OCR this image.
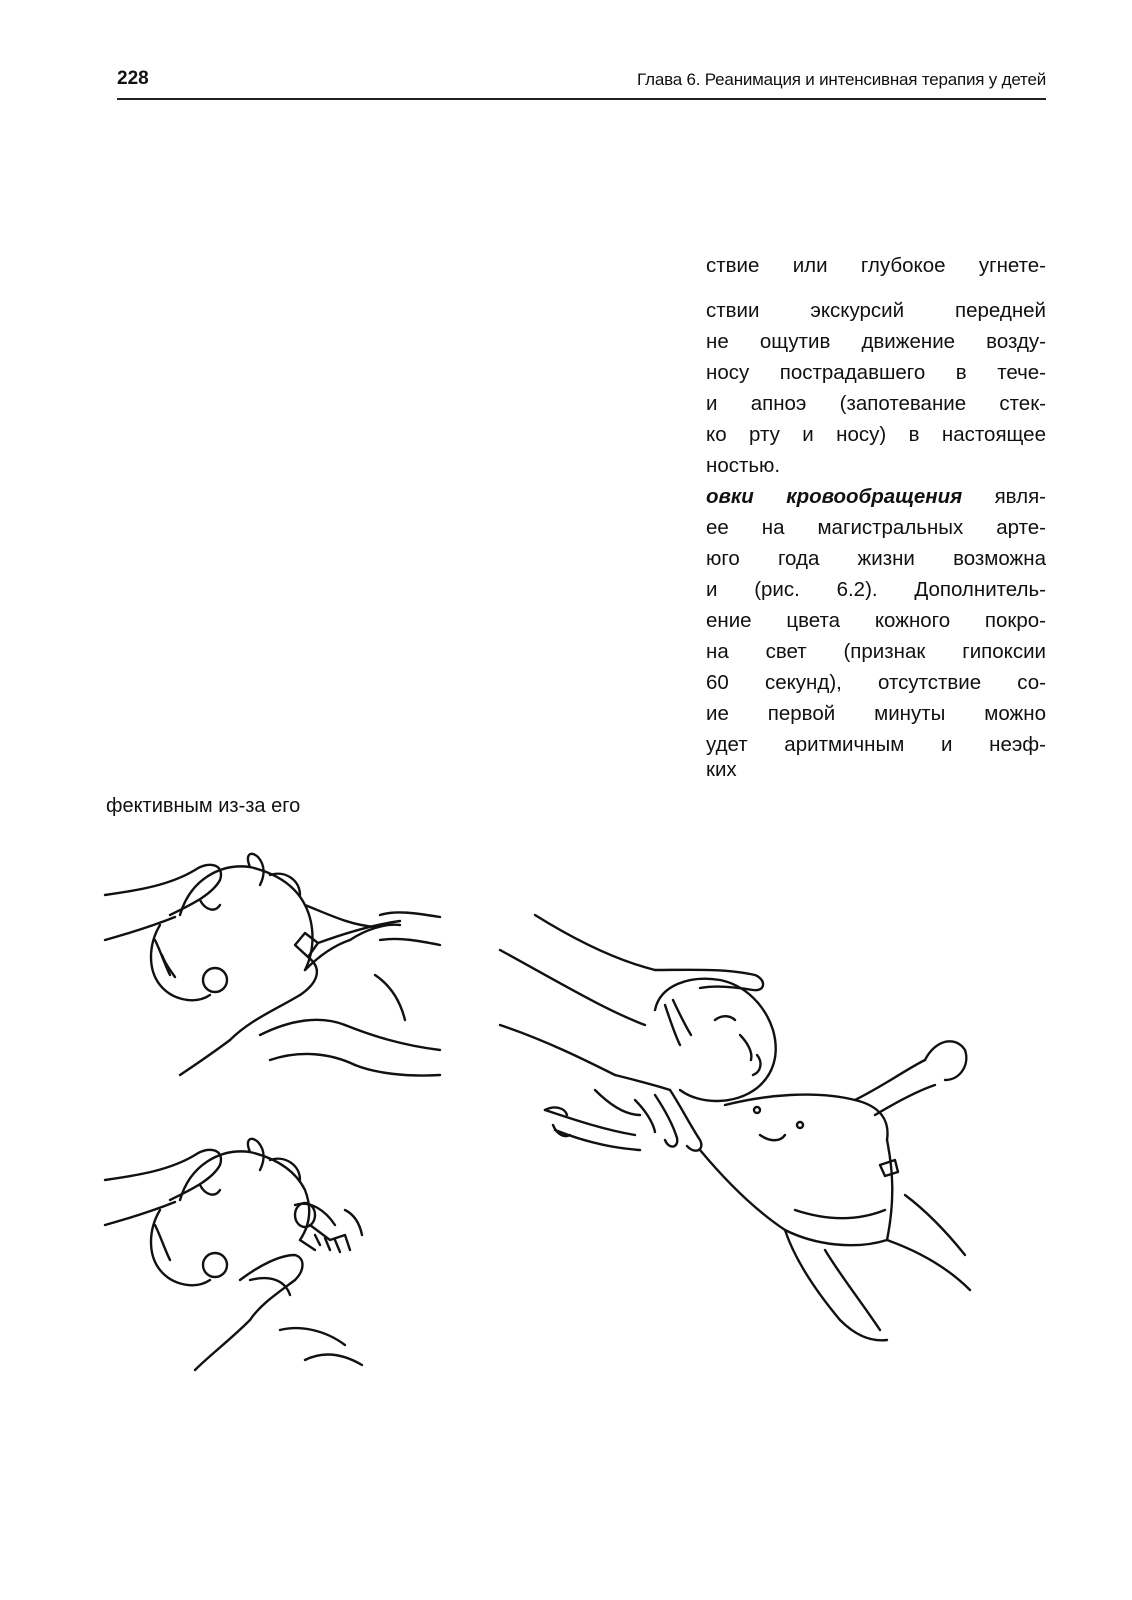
228	Глава 6. Реанимация и интенсивная терапия у детей
ствие или глубокое угнете-
ствии экскурсий передней
не ощутив движение возду-
носу пострадавшего в тече-
и апноэ (запотевание стек-
ко рту и носу) в настоящее
ностью.
овки кровообращения явля-
ее на магистральных арте-
юго года жизни возможна
и (рис. 6.2). Дополнитель-
ение цвета кожного покро-
на свет (признак гипоксии
60 секунд), отсутствие со-
ие первой минуты можно
удет аритмичным и неэф-
ких
фективным из-за его
